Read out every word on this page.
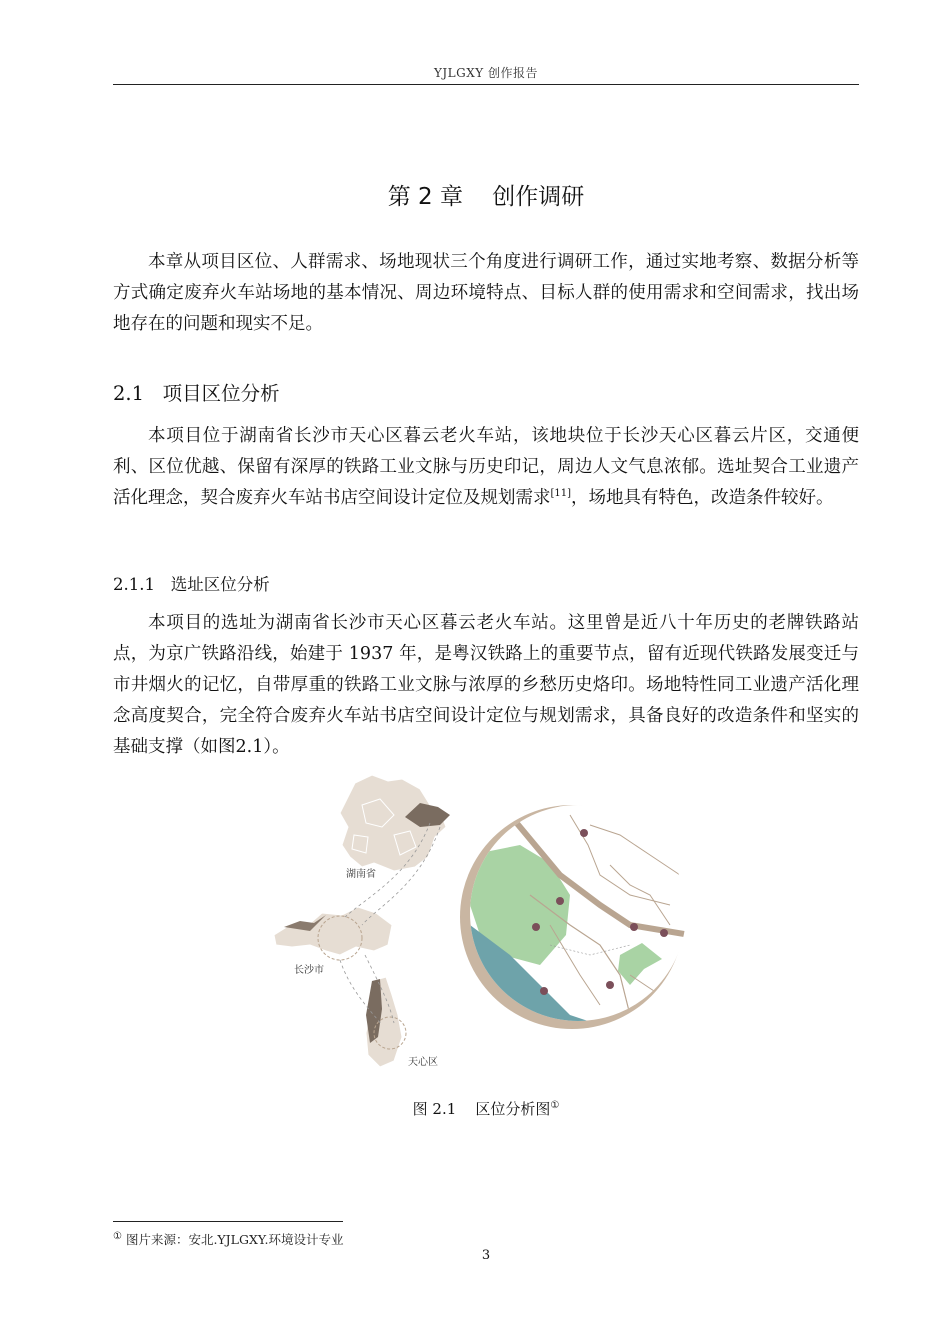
YJLGXY 创作报告
第 2 章    创作调研

本章从项目区位、人群需求、场地现状三个角度进行调研工作，通过实地考察、数据分析等方式确定废弃火车站场地的基本情况、周边环境特点、目标人群的使用需求和空间需求，找出场地存在的问题和现实不足。

2.1 项目区位分析

本项目位于湖南省长沙市天心区暮云老火车站，该地块位于长沙天心区暮云片区，交通便利、区位优越、保留有深厚的铁路工业文脉与历史印记，周边人文气息浓郁。选址契合工业遗产活化理念，契合废弃火车站书店空间设计定位及规划需求[11]，场地具有特色，改造条件较好。

2.1.1 选址区位分析

本项目的选址为湖南省长沙市天心区暮云老火车站。这里曾是近八十年历史的老牌铁路站点，为京广铁路沿线，始建于 1937 年，是粤汉铁路上的重要节点，留有近现代铁路发展变迁与市井烟火的记忆，自带厚重的铁路工业文脉与浓厚的乡愁历史烙印。场地特性同工业遗产活化理念高度契合，完全符合废弃火车站书店空间设计定位与规划需求，具备良好的改造条件和坚实的基础支撑（如图2.1）。

湖南省
长沙市
天心区
图 2.1    区位分析图①
① 图片来源：安北.YJLGXY.环境设计专业
3
